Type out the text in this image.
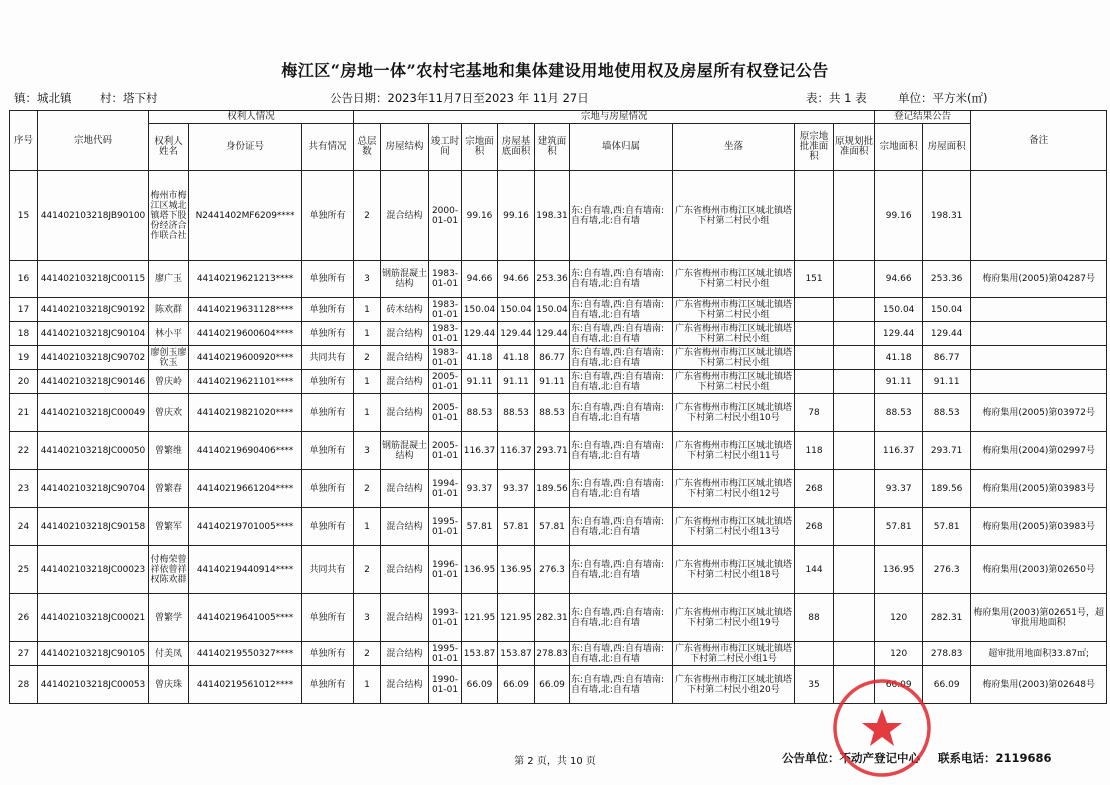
梅江区“房地一体”农村宅基地和集体建设用地使用权及房屋所有权登记公告
镇：城北镇 村：塔下村	公告日期：2023年11月7日至2023 年 11月 27日	表：共 1 表	单位：平方米(㎡)
序号	宗地代码	权利人情况			宗地与房屋情况										登记结果公告		备注
		权利人姓名	身份证号	共有情况	总层数	房屋结构	竣工时间	宗地面积	房屋基底面积	建筑面积	墙体归属	坐落	原宗地批准面积	原规划批准面积	宗地面积	房屋面积	
15	441402103218JB90100	梅州市梅江区城北镇塔下股份经济合作联合社	N2441402MF6209****	单独所有	2	混合结构	2000-01-01	99.16	99.16	198.31	东:自有墙,西:自有墙南:自有墙,北:自有墙	广东省梅州市梅江区城北镇塔下村第二村民小组			99.16	198.31	
16	441402103218JC00115	廖广玉	44140219621213****	单独所有	3	钢筋混凝土结构	1983-01-01	94.66	94.66	253.36	东:自有墙,西:自有墙南:自有墙,北:自有墙	广东省梅州市梅江区城北镇塔下村第二村民小组	151		94.66	253.36	梅府集用(2005)第04287号
17	441402103218JC90192	陈欢群	44140219631128****	单独所有	1	砖木结构	1983-01-01	150.04	150.04	150.04	东:自有墙,西:自有墙南:自有墙,北:自有墙	广东省梅州市梅江区城北镇塔下村第二村民小组			150.04	150.04	
18	441402103218JC90104	林小平	44140219600604****	单独所有	1	混合结构	1983-01-01	129.44	129.44	129.44	东:自有墙,西:自有墙南:自有墙,北:自有墙	广东省梅州市梅江区城北镇塔下村第二村民小组			129.44	129.44	
19	441402103218JC90702	廖创玉廖钦玉	44140219600920****	共同共有	2	混合结构	1983-01-01	41.18	41.18	86.77	东:自有墙,西:自有墙南:自有墙,北:自有墙	广东省梅州市梅江区城北镇塔下村第二村民小组			41.18	86.77	
20	441402103218JC90146	曾庆岭	44140219621101****	单独所有	1	混合结构	2005-01-01	91.11	91.11	91.11	东:自有墙,西:自有墙南:自有墙,北:自有墙	广东省梅州市梅江区城北镇塔下村第二村民小组			91.11	91.11	
21	441402103218JC00049	曾庆欢	44140219821020****	单独所有	1	混合结构	2005-01-01	88.53	88.53	88.53	东:自有墙,西:自有墙南:自有墙,北:自有墙	广东省梅州市梅江区城北镇塔下村第二村民小组10号	78		88.53	88.53	梅府集用(2005)第03972号
22	441402103218JC00050	曾繁维	44140219690406****	单独所有	3	钢筋混凝土结构	2005-01-01	116.37	116.37	293.71	东:自有墙,西:自有墙南:自有墙,北:自有墙	广东省梅州市梅江区城北镇塔下村第二村民小组11号	118		116.37	293.71	梅府集用(2004)第02997号
23	441402103218JC90704	曾繁春	44140219661204****	单独所有	2	混合结构	1994-01-01	93.37	93.37	189.56	东:自有墙,西:自有墙南:自有墙,北:自有墙	广东省梅州市梅江区城北镇塔下村第二村民小组12号	268		93.37	189.56	梅府集用(2005)第03983号
24	441402103218JC90158	曾繁军	44140219701005****	单独所有	1	混合结构	1995-01-01	57.81	57.81	57.81	东:自有墙,西:自有墙南:自有墙,北:自有墙	广东省梅州市梅江区城北镇塔下村第二村民小组13号	268		57.81	57.81	梅府集用(2005)第03983号
25	441402103218JC00023	付梅荣曾祥依曾祥权陈欢群	44140219440914****	共同共有	2	混合结构	1996-01-01	136.95	136.95	276.3	东:自有墙,西:自有墙南:自有墙,北:自有墙	广东省梅州市梅江区城北镇塔下村第二村民小组18号	144		136.95	276.3	梅府集用(2003)第02650号
26	441402103218JC00021	曾繁学	44140219641005****	单独所有	3	混合结构	1993-01-01	121.95	121.95	282.31	东:自有墙,西:自有墙南:自有墙,北:自有墙	广东省梅州市梅江区城北镇塔下村第二村民小组19号	88		120	282.31	梅府集用(2003)第02651号，超审批用地面积
27	441402103218JC90105	付美凤	44140219550327****	单独所有	2	混合结构	1995-01-01	153.87	153.87	278.83	东:自有墙,西:自有墙南:自有墙,北:自有墙	广东省梅州市梅江区城北镇塔下村第二村民小组1号			120	278.83	超审批用地面积33.87㎡;
28	441402103218JC00053	曾庆珠	44140219561012****	单独所有	1	混合结构	1990-01-01	66.09	66.09	66.09	东:自有墙,西:自有墙南:自有墙,北:自有墙	广东省梅州市梅江区城北镇塔下村第二村民小组20号	35		66.09	66.09	梅府集用(2003)第02648号
第 2 页，共 10 页	公告单位：不动产登记中心 联系电话：2119686
